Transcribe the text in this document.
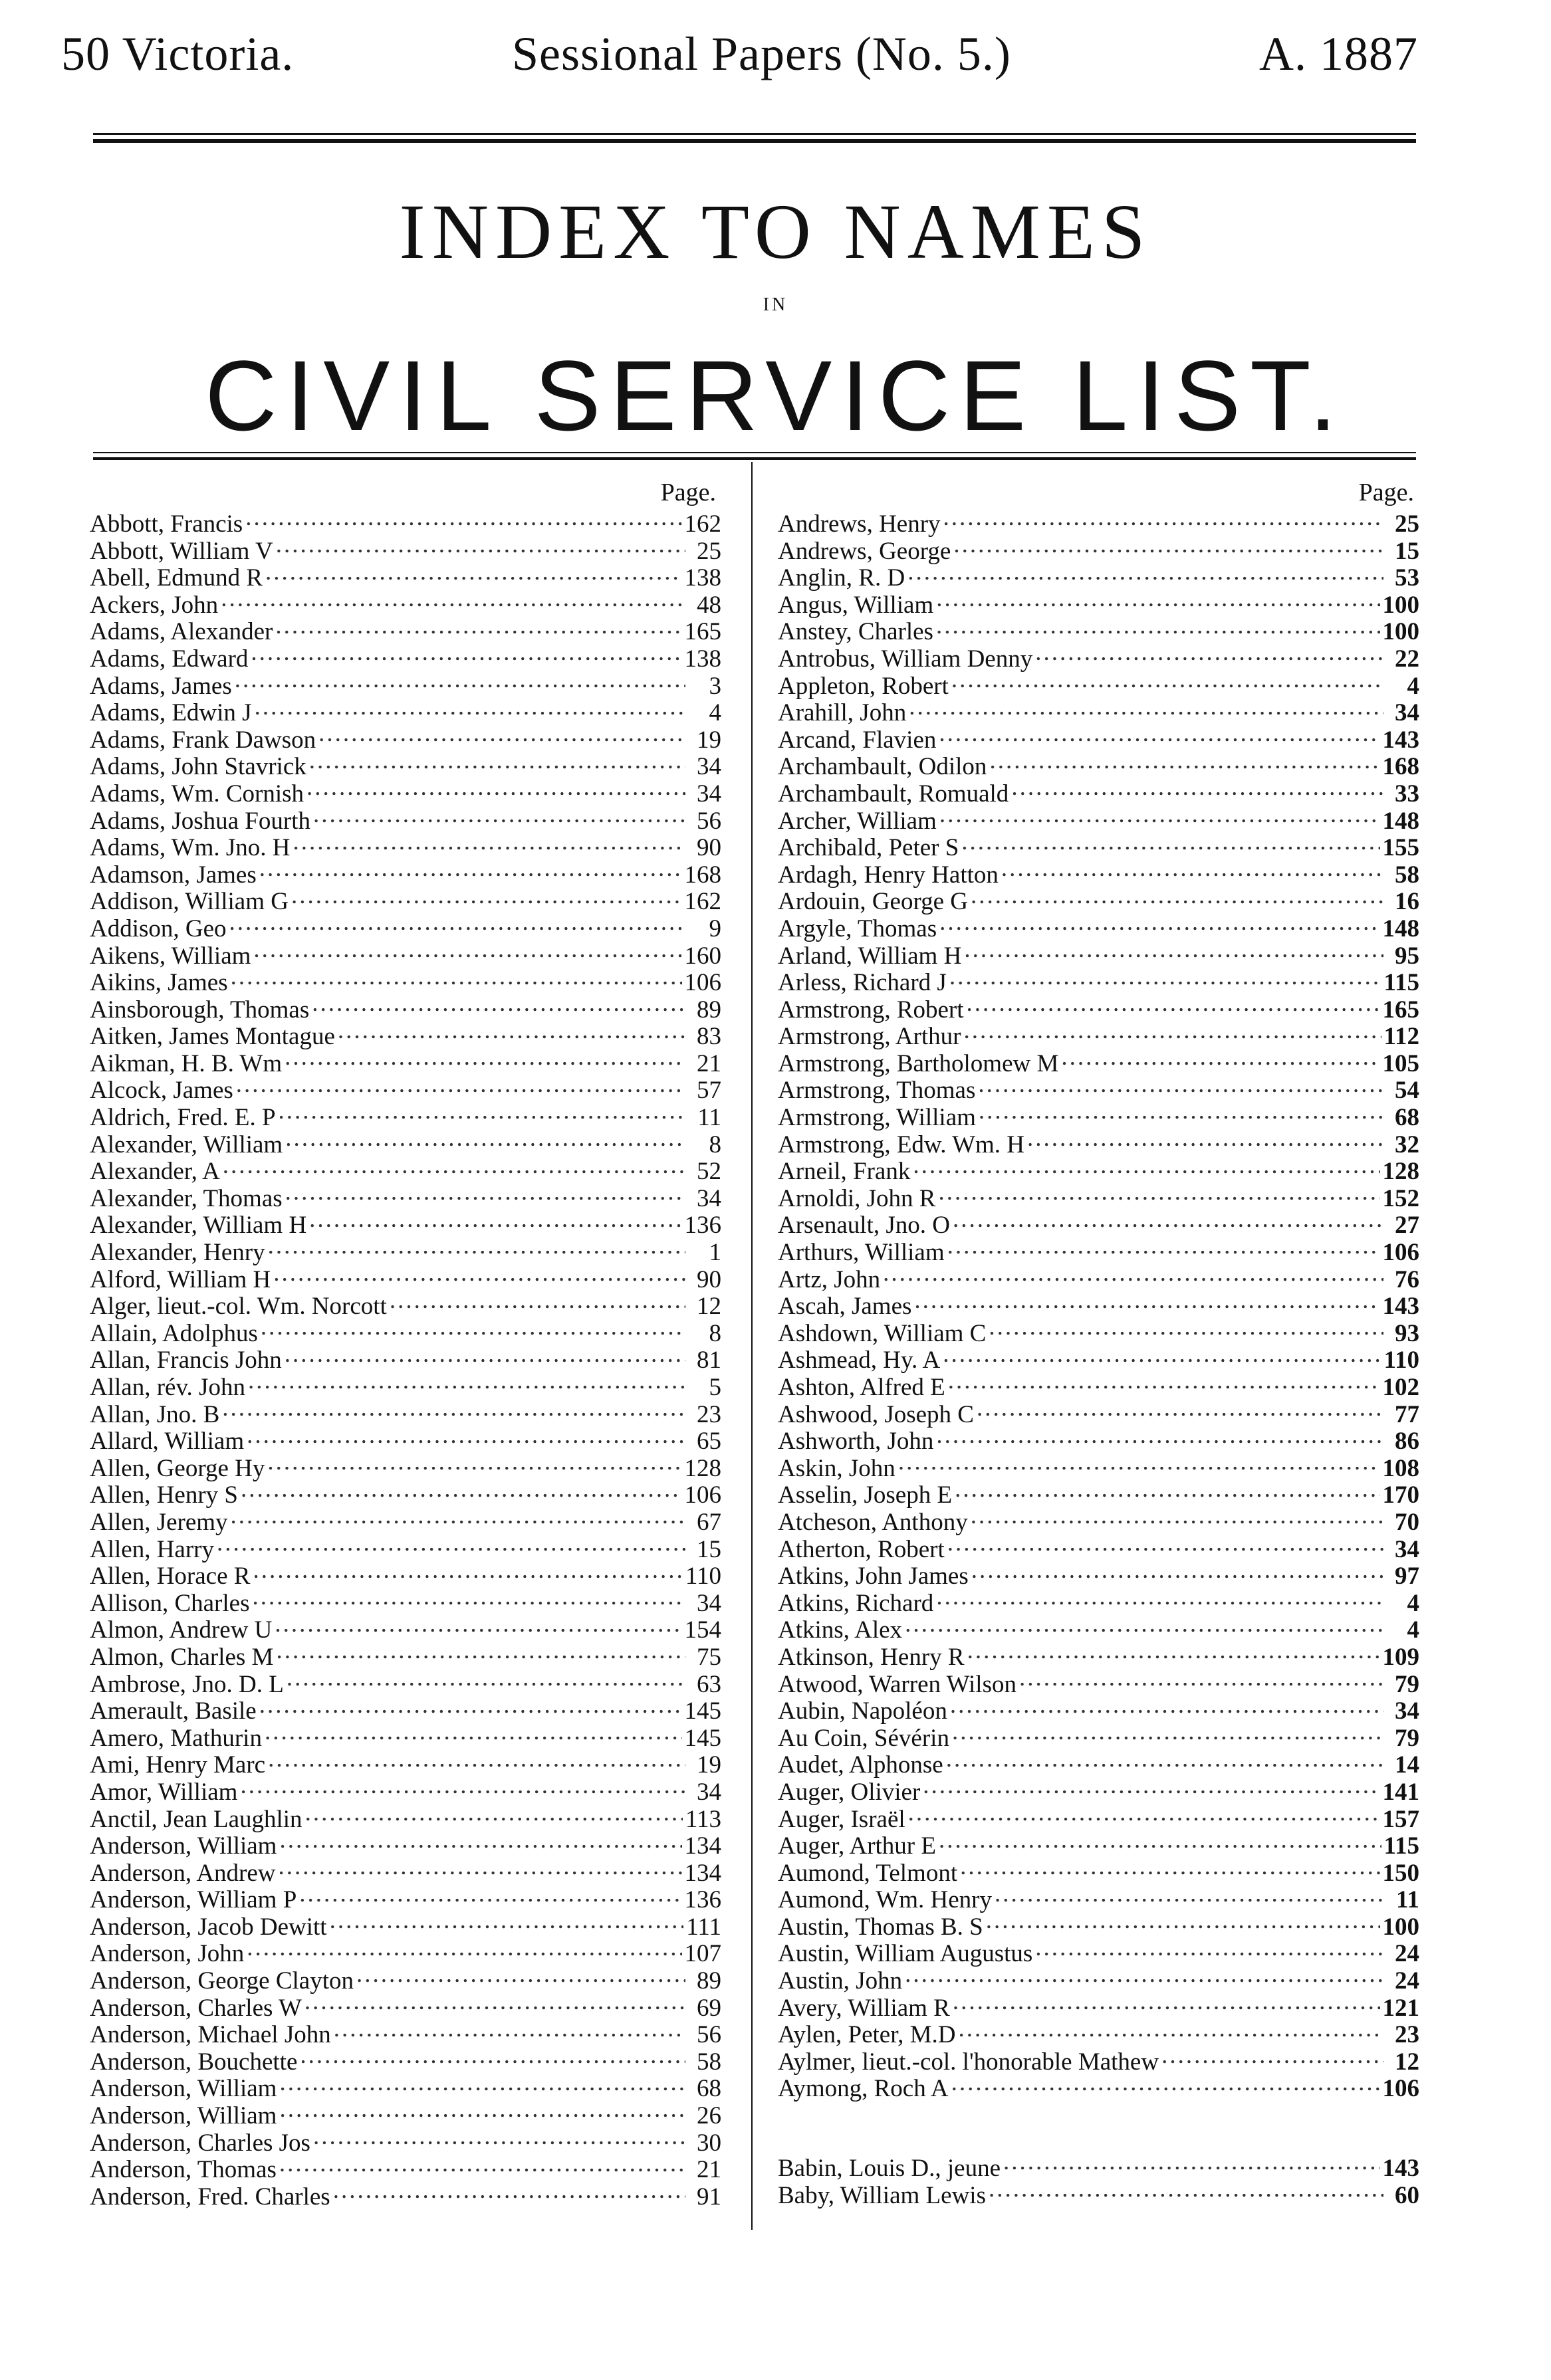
50 Victoria.	Sessional Papers (No. 5.)	A. 1887
INDEX TO NAMES
IN
CIVIL SERVICE LIST.
Page.
Abbott, Francis .....	162
Abbott, William V .....	25
Abell, Edmund R .....	138
Ackers, John .....	48
Adams, Alexander .....	165
Adams, Edward .....	138
Adams, James .....	3
Adams, Edwin J .....	4
Adams, Frank Dawson .....	19
Adams, John Stavrick .....	34
Adams, Wm. Cornish .....	34
Adams, Joshua Fourth .....	56
Adams, Wm. Jno. H .....	90
Adamson, James .....	168
Addison, William G .....	162
Addison, Geo .....	9
Aikens, William .....	160
Aikins, James .....	106
Ainsborough, Thomas .....	89
Aitken, James Montague .....	83
Aikman, H. B. Wm .....	21
Alcock, James .....	57
Aldrich, Fred. E. P .....	11
Alexander, William .....	8
Alexander, A .....	52
Alexander, Thomas .....	34
Alexander, William H .....	136
Alexander, Henry .....	1
Alford, William H .....	90
Alger, lieut.-col. Wm. Norcott .....	12
Allain, Adolphus .....	8
Allan, Francis John .....	81
Allan, rév. John .....	5
Allan, Jno. B .....	23
Allard, William .....	65
Allen, George Hy .....	128
Allen, Henry S .....	106
Allen, Jeremy .....	67
Allen, Harry .....	15
Allen, Horace R .....	110
Allison, Charles .....	34
Almon, Andrew U .....	154
Almon, Charles M .....	75
Ambrose, Jno. D. L .....	63
Amerault, Basile .....	145
Amero, Mathurin .....	145
Ami, Henry Marc .....	19
Amor, William .....	34
Anctil, Jean Laughlin .....	113
Anderson, William .....	134
Anderson, Andrew .....	134
Anderson, William P .....	136
Anderson, Jacob Dewitt .....	111
Anderson, John .....	107
Anderson, George Clayton .....	89
Anderson, Charles W .....	69
Anderson, Michael John .....	56
Anderson, Bouchette .....	58
Anderson, William .....	68
Anderson, William .....	26
Anderson, Charles Jos .....	30
Anderson, Thomas .....	21
Anderson, Fred. Charles .....	91
Page.
Andrews, Henry .....	25
Andrews, George .....	15
Anglin, R. D .....	53
Angus, William .....	100
Anstey, Charles .....	100
Antrobus, William Denny .....	22
Appleton, Robert .....	4
Arahill, John .....	34
Arcand, Flavien .....	143
Archambault, Odilon .....	168
Archambault, Romuald .....	33
Archer, William .....	148
Archibald, Peter S .....	155
Ardagh, Henry Hatton .....	58
Ardouin, George G .....	16
Argyle, Thomas .....	148
Arland, William H .....	95
Arless, Richard J .....	115
Armstrong, Robert .....	165
Armstrong, Arthur .....	112
Armstrong, Bartholomew M .....	105
Armstrong, Thomas .....	54
Armstrong, William .....	68
Armstrong, Edw. Wm. H .....	32
Arneil, Frank .....	128
Arnoldi, John R .....	152
Arsenault, Jno. O .....	27
Arthurs, William .....	106
Artz, John .....	76
Ascah, James .....	143
Ashdown, William C .....	93
Ashmead, Hy. A .....	110
Ashton, Alfred E .....	102
Ashwood, Joseph C .....	77
Ashworth, John .....	86
Askin, John .....	108
Asselin, Joseph E .....	170
Atcheson, Anthony .....	70
Atherton, Robert .....	34
Atkins, John James .....	97
Atkins, Richard .....	4
Atkins, Alex .....	4
Atkinson, Henry R .....	109
Atwood, Warren Wilson .....	79
Aubin, Napoléon .....	34
Au Coin, Sévérin .....	79
Audet, Alphonse .....	14
Auger, Olivier .....	141
Auger, Israël .....	157
Auger, Arthur E .....	115
Aumond, Telmont .....	150
Aumond, Wm. Henry .....	11
Austin, Thomas B. S .....	100
Austin, William Augustus .....	24
Austin, John .....	24
Avery, William R .....	121
Aylen, Peter, M.D .....	23
Aylmer, lieut.-col. l'honorable Mathew .....	12
Aymong, Roch A .....	106
Babin, Louis D., jeune .....	143
Baby, William Lewis .....	60
